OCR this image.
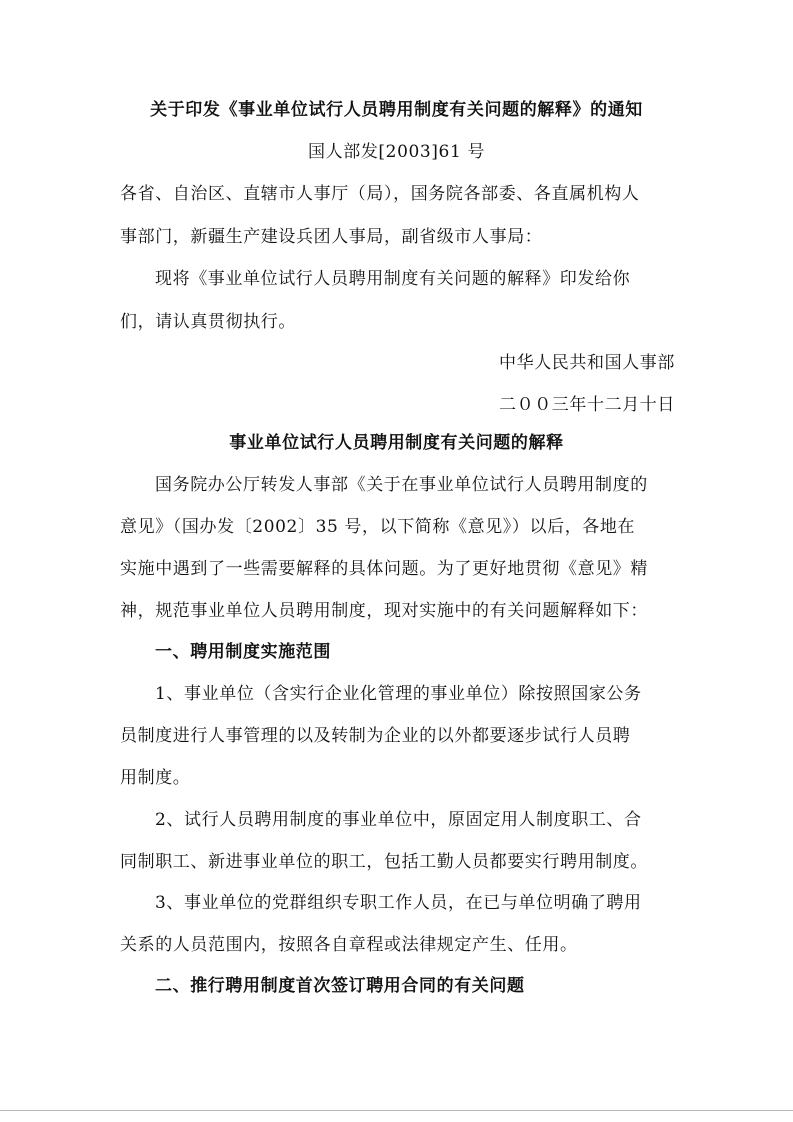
关于印发《事业单位试行人员聘用制度有关问题的解释》的通知
国人部发[2003]61 号
各省、自治区、直辖市人事厅（局），国务院各部委、各直属机构人
事部门，新疆生产建设兵团人事局，副省级市人事局：
现将《事业单位试行人员聘用制度有关问题的解释》印发给你
们，请认真贯彻执行。
中华人民共和国人事部
二００三年十二月十日
事业单位试行人员聘用制度有关问题的解释
国务院办公厅转发人事部《关于在事业单位试行人员聘用制度的
意见》（国办发〔2002〕35 号，以下简称《意见》）以后，各地在
实施中遇到了一些需要解释的具体问题。为了更好地贯彻《意见》精
神，规范事业单位人员聘用制度，现对实施中的有关问题解释如下：
一、聘用制度实施范围
1、事业单位（含实行企业化管理的事业单位）除按照国家公务
员制度进行人事管理的以及转制为企业的以外都要逐步试行人员聘
用制度。
2、试行人员聘用制度的事业单位中，原固定用人制度职工、合
同制职工、新进事业单位的职工，包括工勤人员都要实行聘用制度。
3、事业单位的党群组织专职工作人员，在已与单位明确了聘用
关系的人员范围内，按照各自章程或法律规定产生、任用。
二、推行聘用制度首次签订聘用合同的有关问题
